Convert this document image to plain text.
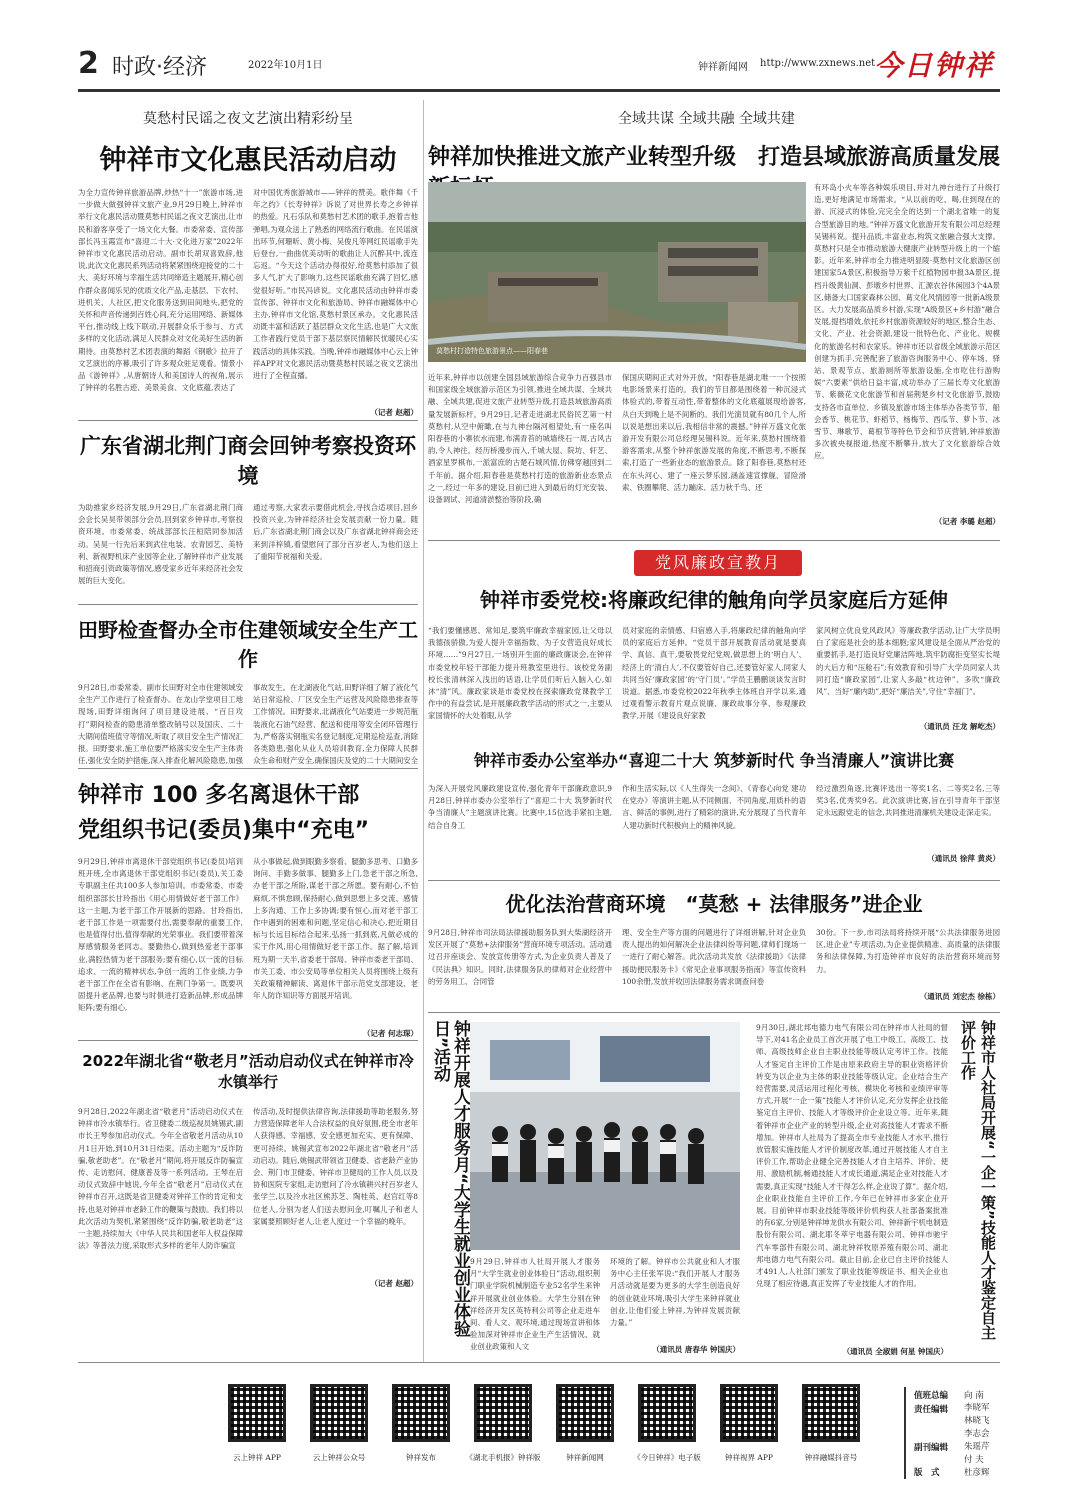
2 时政·经济	2022年10月1日	钟祥新闻网 http://www.zxnews.net
今日钟祥
莫愁村民谣之夜文艺演出精彩纷呈
钟祥市文化惠民活动启动
为全力宣传钟祥旅游品牌,炒热“十一”旅游市场,进一步做大做强钟祥文旅产业,9月29日晚上,钟祥市举行文化惠民活动暨莫愁村民谣之夜文艺演出,让市民和游客享受了一场文化大餐。市委常委、宣传部部长冯玉霞宣布“喜迎二十大·文化进万家”2022年钟祥市文化惠民活动启动。副市长胡双喜致辞,他说,此次文化惠民系列活动将紧紧围绕迎接党的二十大、美好环境与幸福生活共同缔造主题展开,精心创作群众喜闻乐见的优质文化产品,走基层、下农村、进机关、人社区,把文化服务送到田间地头,把党的关怀和声音传递到百姓心间,充分运用网络、新媒体平台,推动线上线下联动,开展群众乐于参与、方式多样的文化活动,满足人民群众对文化美好生活的新期待。由莫愁村艺术团表演的舞蹈《钢歌》拉开了文艺演出的序幕,吸引了许多观众驻足观看。情景小品《游钟祥》,从唐朝诗人和美国诗人的视角,展示了钟祥的名胜古迹、美景美食、文化底蕴,表达了
对中国优秀旅游城市——钟祥的赞美。歌伴舞《千年之约》《长寿钟祥》诉说了对世界长寿之乡钟祥的热爱。凡石乐队和莫愁村艺术团的歌手,抱着吉他弹唱,为观众送上了熟悉的网络流行歌曲。在民谣演出环节,何珊昕、黄小梅、吴俊凡等网红民谣歌手先后登台,一曲曲优美动听的歌曲让人沉醉其中,流连忘返。“今天这个活动办得很好,给莫愁村添加了很多人气,扩大了影响力,这些民谣歌曲充满了回忆,感觉很好听。”市民冯谚说。文化惠民活动由钟祥市委宣传部、钟祥市文化和旅游局、钟祥市融媒体中心主办,钟祥市文化馆,莫愁村景区承办。文化惠民活动既丰富和活跃了基层群众文化生活,也是广大文旅工作者践行党员干部下基层察民情解民忧暖民心实践活动的具体实践。当晚,钟祥市融媒体中心云上钟祥APP对文化惠民活动暨莫愁村民谣之夜文艺演出进行了全程直播。
（记者 赵超）
广东省湖北荆门商会回钟考察投资环境
为助推家乡经济发展,9月29日,广东省湖北荆门商会会长吴昊带领部分会员,回到家乡钟祥市,考察投资环境。市委常委、统战部部长汪桓陪同参加活动。吴昊一行先后来到武住电装、农青园艺、美特利、新视野机床产业园等企业,了解钟祥市产业发展和招商引资政策等情况,感受家乡近年来经济社会发展的巨大变化。
通过考察,大家表示要借此机会,寻找合适项目,回乡投资兴业,为钟祥经济社会发展贡献一份力量。随后,广东省湖北荆门商会以及广东省湖北钟祥商会还来到洋梓镇,看望慰问了部分百岁老人,为他们送上了重阳节祝福和关爱。
田野检查督办全市住建领域安全生产工作
9月28日,市委常委、副市长田野对全市住建领域安全生产工作进行了检查督办。在龙山学堂项目工地现场,田野详细询问了项目建设进展、“百日攻打”期间检查的隐患清单整改销号以及国庆、二十大期间值班值守等情况,听取了项目安全生产情况汇报。田野要求,施工单位要严格落实安全生产主体责任,强化安全防护措施,深入排查化解风险隐患,加强
事故发生。在北湖液化气站,田野详细了解了液化气站日常巡检、厂区安全生产运营及风险隐患排查等工作情况。田野要求,北湖液化气站要进一步规范瓶装液化石油气经营、配送和使用等安全闭环管理行为,严格落实钢瓶实名登记制度,定期巡检巡查,消除各类隐患,强化从业人员培训教育,全力保障人民群众生命和财产安全,确保国庆及党的二十大期间安全
钟祥市 100 多名离退休干部
党组织书记(委员)集中“充电”
9月29日,钟祥市离退休干部党组织书记(委员)培训班开班,全市离退休干部党组织书记(委员),关工委专职副主任共100多人参加培训。市委常委、市委组织部部长甘玲指出《用心用情做好老干部工作》这一主题,为老干部工作开展新的思路。甘玲指出,老干部工作是一项需要付出,需要奉献的重要工作,也是值得付出,值得奉献的光荣事业。我们要带着深厚感情服务老同志。要勤热心,做到热爱老干部事业,满腔热情为老干部服务;要有细心,以一流的目标追求、一流的精神状态,争创一流的工作业绩,力争老干部工作在全省有影响、在荆门争第一。既要巩固提升老品牌,也要与时俱进打造新品牌,形成品牌矩阵;要有细心,
从小事做起,做到眼勤多察看、腿勤多思考、口勤多询问、手勤多做事、腿勤多上门,急老干部之所急,办老干部之所盼,谋老干部之所愿。要有耐心,不怕麻烦,不惧怠顾,保持耐心,做到思想上多交流、感情上多沟通、工作上多协调;要有恒心,而对老干部工作中遇到的困难和问题,坚定信心和决心,把近期目标与长远目标结合起来,弘扬一抓到底,凡做必成的实干作风,用心用情做好老干部工作。据了解,培训班为期一天半,省委老干部局、钟祥市委老干部局、市关工委、市公安局等单位相关人员将围绕上级有关政策精神解读、离退休干部示范党支部建设、老年人防诈知识等方面展开培训。
（记者 何志琛）
2022年湖北省“敬老月”活动启动仪式在钟祥市冷水镇举行
9月28日,2022年湖北省“敬老月”活动启动仪式在钟祥市冷水镇举行。省卫健委二级巡视员姚锡武,副市长王琴参加启动仪式。今年全省敬老月活动从10月1日开始,到10月31日结束。活动主题为“反诈防骗,敬老助老”。在“敬老月”期间,将开展反诈防骗宣传、走访慰问、健康普及等一系列活动。王琴在启动仪式致辞中她说,今年全省“敬老月”启动仪式在钟祥市召开,这既是省卫健委对钟祥工作的肯定和支持,也是对钟祥市老龄工作的鞭策与鼓励。我们将以此次活动为契机,紧紧围绕“反诈防骗,敬老助老”这一主题,持续加大《中华人民共和国老年人权益保障法》等普法力度,采取形式多样的老年人防诈骗宣
传活动,及时提供法律咨询,法律援助等助老服务,努力营造保障老年人合法权益的良好氛围,使全市老年人获得感、幸福感、安全感更加充实、更有保障、更可持续。姚锡武宣布2022年湖北省“敬老月”活动启动。随后,姚锡武带领省卫健委、省老龄产业协会、荆门市卫健委、钟祥市卫健局的工作人员,以及协和医院专家组,走访慰问了冷水镇耕兴村百岁老人张学兰,以及冷水社区熊苏芝、陶桂英、赵官红等8位老人,分别为老人们送去慰问金,叮嘱儿子和老人家属要照顾好老人,让老人度过一个幸福的晚年。
（记者 赵超）
全域共谋 全域共融 全域共建
钟祥加快推进文旅产业转型升级　打造县域旅游高质量发展
莫愁村打造特色旅游景点——阳春巷
有环岛小火车等各种娱乐项目,并对九神台进行了升级打造,更好地满足市场需求。“从以前的吃、喝,住到现在的游、沉浸式的体验,完完全全的达到一个湖北省唯一的复合型旅游目的地。”钟祥万盛文化旅游开发有限公司总经理吴锡科说。提升品质,丰富业态,构筑文旅融合强大支撑。莫愁村只是全市推动旅游大健康产业转型升级上的一个缩影。近年来,钟祥市全力推进明显陵·莫愁村文化旅游区创建国家5A景区,积极指导万紫千红植物园申报3A景区,提档升级黄仙洞、彭墩乡村世界、汇源农谷休闲园3个4A景区,储备大口国家森林公园、葛文化风情园等一批新A级景区。大力发展高品质乡村游,实现“A级景区+乡村游”融合发展,提档增效,依托乡村旅游资源较好的地区,整合生态、文化、产业、社会资源,建设一批特色化、产业化、规模化的旅游名村和农家乐。钟祥市还以省级全域旅游示范区创建为抓手,完善配套了旅游咨询服务中心、停车场、驿站、景观节点、旅游厕所等旅游设施,全市吃住行游购娱“六要素”供给日益丰富,成功举办了三届长寿文化旅游节、紫薇花文化旅游节和首届荆楚乡村文化旅游节,鼓励支持各市直单位、乡镇及旅游市场主体举办各类节节、船会香节、桃花节、虾稻节、杨梅节、西瓜节、萝卜节、冰雪节、琳歌节、葛根节等特色节会和节庆营销,钟祥旅游多次被央视报道,热度不断攀升,放大了文化旅游综合效应。
（记者 李璐 赵超）
近年来,钟祥市以创建全国县域旅游综合竞争力百强县市和国家级全域旅游示范区为引领,推进全域共谋、全域共融、全域共建,促进文旅产业转型升级,打造县域旅游高质量发展新标杆。9月29日,记者走进湖北民俗民艺第一村莫愁村,从空中俯瞰,在与九神台隔河相望处,有一座名叫阳春巷的小寨依水而建,布满青苔的城墙绕石一周,古风古韵,令人神往。经历桥漫步而入,千城大屋、院坊、轩艺、酒家星罗棋布,一派富庶的古楚石城风情,仿佛穿越回到二千年前。据介绍,阳春巷是莫愁村打造的旅游新业态景点之一,经过一年多的建设,目前已进入到最后的灯光安装、设备调试、河道清淤整治等阶段,确
保国庆期间正式对外开放。“阳春巷是湖北唯一一个按照电影场景来打造的。我们的节目都是围绕着一种沉浸式体验式的,带着互动性,带着整体的文化底蕴展现给游客,从白天到晚上是不间断的。我们光演员就有80几个人,所以说是想出来以后,我相信非常的震撼。”钟祥万盛文化旅游开发有限公司总经理吴锡科说。近年来,莫愁村围绕着游客需求,从整个钟祥旅游发展的角度,不断思考,不断探索,打造了一些新业态的旅游景点。除了阳春巷,莫愁村还在东头河心、建了一座云梦乐园,涵盖速宣撑舰、冒险滑索、铁圈攀爬、活力蹦床、活力秋千鸟、还
党风廉政宣教月
钟祥市委党校:将廉政纪律的触角向学员家庭后方延伸
“我们要懂感恩、常知足,要筑牢廉政幸福家园,让父母以我德孩骄傲,为爱人提升幸福指数、为子女营造良好成长环境……”9月27日,一场别开生面的廉政廉谈会,在钟祥市委党校年轻干部能力提升班教室里进行。该校党务副校长张清林深入浅出的话语,让学员们听后入脑入心,如沐“清”风。廉政家谈是市委党校在探索廉政党课教学工作中的有益尝试,是开展廉政教学活动的形式之一,主要从家国情怀的大处着眼,从学
员对家庭的亲情感、归宿感入手,将廉政纪律的触角向学员的家庭后方延伸。“党员干部开展教育活动就是要真学、真信、真干,要敬畏党纪党规,做思想上的‘明白人’、经济上的‘清白人’,不仅要管好自己,还要管好家人,同家人共同当好‘廉政家园’的‘守门员’。”学员王鹏鹏谈谈发言时说道。据悉,市委党校2022年秋季主体班自开学以来,通过观看警示教育片观点说廉、廉政故事分享、参观廉政教学,开展《建设良好家教
家风树立优良党风政风》等廉政教学活动,让广大学员明白了家庭是社会的基本细胞;家风建设是全面从严治党的重要抓手,是打造良好党廉洁阵地,筑牢防腐拒变坚实长堤的大后方和“压舱石”;有效教育和引导广大学员同家人共同打造“廉政家园”,让家人多敲“枕边钟”、多吹“廉政风”、当好“廉内助”,把好“廉洁关”,守住“幸福门”。
（通讯员 汪龙 解屹杰）
钟祥市委办公室举办“喜迎二十大 筑梦新时代 争当清廉人”演讲比赛
为深入开展党风廉政建设宣传,强化青年干部廉政意识,9月28日,钟祥市委办公室举行了“喜迎二十大 筑梦新时代 争当清廉人”主题演讲比赛。比赛中,15位选手紧扣主题,结合自身工
作和生活实际,以《人生得失一念间》、《青春心向党 建功在党办》等演讲主题,从不同侧面、不同角度,用质朴的语言、鲜活的事例,进行了精彩的演讲,充分展现了当代青年人建功新时代积极向上的精神风貌。
经过激烈角逐,比赛评选出一等奖1名、二等奖2名,三等奖3名,优秀奖9名。此次演讲比赛,旨在引导青年干部坚定永远跟党走的信念,共同推进清廉机关建设走深走实。
（通讯员 徐萍 黄炎）
优化法治营商环境　“莫愁 + 法律服务”进企业
9月28日,钟祥市司法局法律援助服务队到大柴湖经济开发区开展了“莫愁+法律服务”营商环境专项活动。活动通过召开座谈会、发放宣传册等方式,为企业负责人普及了《民法典》知识。同时,法律服务队的律师对企业经营中的劳务用工、合同管
理、安全生产等方面的问题进行了详细讲解,针对企业负责人提出的如何解决企业法律纠纷等问题,律师们现场一一进行了耐心解答。此次活动共发放《法律援助》《法律援助便民服务卡》《常见企业事项服务指南》等宣传资料100余册,发放并收回法律服务需求调查问卷
30份。下一步,市司法局将持续开展“公共法律服务进园区,进企业”专项活动,为企业提供精准、高质量的法律服务和法律保障,为打造钟祥市良好的法治营商环境而努力。
（通讯员 刘宏杰 徐栋）
钟祥开展人才服务月“大学生就业创业体验日”活动
9月29日,钟祥市人社局开展人才服务月“大学生就业创业体验日”活动,组织荆门职业学院机械制造专业52名学生来钟祥开展就业创业体验。大学生分别在钟祥经济开发区英特利公司等企业走进车间、看人文、观环境,通过现场宣讲和体验加深对钟祥市企业生产生活情况、就业创业政策和人文
环境的了解。钟祥市公共就业和人才服务中心主任张军说:“我们开展人才服务月活动就是要为更多的大学生创造良好的创业就业环境,吸引大学生来钟祥就业创业,让他们爱上钟祥,为钟祥发展贡献力量。”
（通讯员 唐春华 钟国庆）
9月30日,湖北邦电德力电气有限公司在钟祥市人社局的督导下,对41名企业员工首次开展了电工中级工、高级工、技师、高级技师企业自主职业技能等级认定考评工作。技能人才鉴定自主评价工作是由原来政府主导的职业资格评价转变为以企业为主体的职业技能等级认定。企业结合生产经营需要,灵活运用过程化考核、模块化考核和业绩评审等方式,开展“一企一策”技能人才评价认定,充分发挥企业技能鉴定自主评价、技能人才等级评价企业设立等。近年来,随着钟祥市企业产业的转型升级,企业对高技能人才需求不断增加。钟祥市人社局为了提高全市专业技能人才水平,推行放管服实施技能人才评价制度改革,通过开展技能人才自主评价工作,帮助企业健全完善技能人才自主培养、评价、使用、激励机制,畅通技能人才成长通道,满足企业对技能人才需要,真正实现“技能人才干得怎么样,企业说了算”。据介绍,企业职业技能自主评价工作,今年已在钟祥市多家企业开展。目前钟祥市职业技能等级评价机构获人社部备案批准的有6家,分别是钟祥坤龙供水有限公司、钟祥新宇机电制造股份有限公司、湖北耶冬萃宇电器有限公司、钟祥市驰宇汽车零部件有限公司、湖北钟祥牧原养殖有限公司、湖北邦电德力电气有限公司。截止目前,企业已自主评价技能人才491人,人社部门颁发了职业技能等级证书、相关企业也兑现了相应待遇,真正发挥了专业技能人才的作用。
（通讯员 全淑娟 何星 钟国庆）
钟祥市人社局开展“一企一策”技能人才鉴定自主评价工作
云上钟祥 APP	云上钟祥公众号	钟祥发布	《湖北手机报》钟祥版	钟祥新闻网	《今日钟祥》电子版	钟祥视界 APP	钟祥融媒抖音号
值班总编 向 南
责任编辑 李晓军
林晓飞
李志会
副刊编辑 朱瑶芹
付 夫
版　式	杜彦辉
